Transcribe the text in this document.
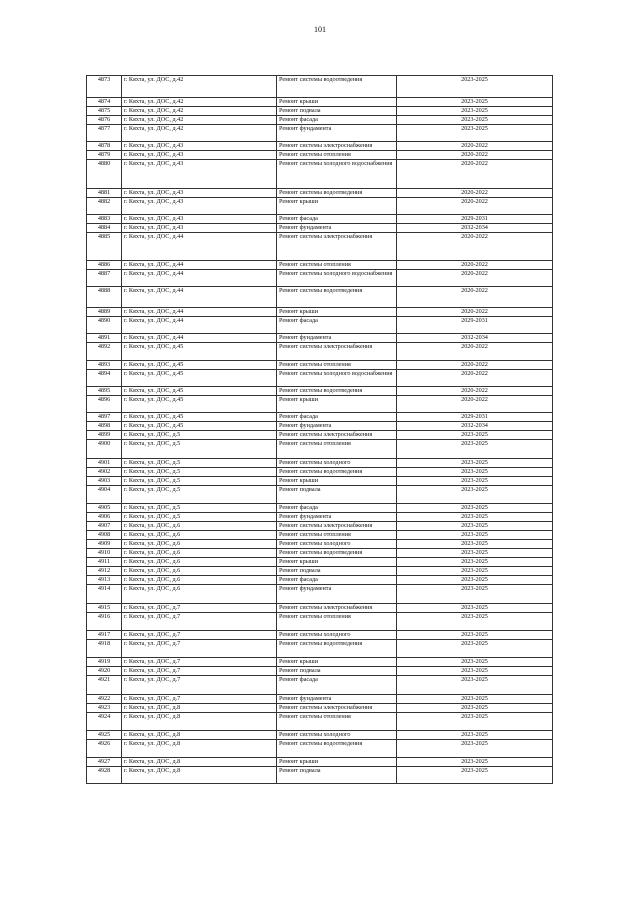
101
4873	г. Кяхта, ул. ДОС, д.42	Ремонт системы водоотведения	2023-2025
4874	г. Кяхта, ул. ДОС, д.42	Ремонт крыши	2023-2025
4875	г. Кяхта, ул. ДОС, д.42	Ремонт подвала	2023-2025
4876	г. Кяхта, ул. ДОС, д.42	Ремонт фасада	2023-2025
4877	г. Кяхта, ул. ДОС, д.42	Ремонт фундамента	2023-2025
4878	г. Кяхта, ул. ДОС, д.43	Ремонт системы электроснабжения	2020-2022
4879	г. Кяхта, ул. ДОС, д.43	Ремонт системы отопления	2020-2022
4880	г. Кяхта, ул. ДОС, д.43	Ремонт системы холодного водоснабжения	2020-2022
4881	г. Кяхта, ул. ДОС, д.43	Ремонт системы водоотведения	2020-2022
4882	г. Кяхта, ул. ДОС, д.43	Ремонт крыши	2020-2022
4883	г. Кяхта, ул. ДОС, д.43	Ремонт фасада	2029-2031
4884	г. Кяхта, ул. ДОС, д.43	Ремонт фундамента	2032-2034
4885	г. Кяхта, ул. ДОС, д.44	Ремонт системы электроснабжения	2020-2022
4886	г. Кяхта, ул. ДОС, д.44	Ремонт системы отопления	2020-2022
4887	г. Кяхта, ул. ДОС, д.44	Ремонт системы холодного водоснабжения	2020-2022
4888	г. Кяхта, ул. ДОС, д.44	Ремонт системы водоотведения	2020-2022
4889	г. Кяхта, ул. ДОС, д.44	Ремонт крыши	2020-2022
4890	г. Кяхта, ул. ДОС, д.44	Ремонт фасада	2029-2031
4891	г. Кяхта, ул. ДОС, д.44	Ремонт фундамента	2032-2034
4892	г. Кяхта, ул. ДОС, д.45	Ремонт системы электроснабжения	2020-2022
4893	г. Кяхта, ул. ДОС, д.45	Ремонт системы отопления	2020-2022
4894	г. Кяхта, ул. ДОС, д.45	Ремонт системы холодного водоснабжения	2020-2022
4895	г. Кяхта, ул. ДОС, д.45	Ремонт системы водоотведения	2020-2022
4896	г. Кяхта, ул. ДОС, д.45	Ремонт крыши	2020-2022
4897	г. Кяхта, ул. ДОС, д.45	Ремонт фасада	2029-2031
4898	г. Кяхта, ул. ДОС, д.45	Ремонт фундамента	2032-2034
4899	г. Кяхта, ул. ДОС, д.5	Ремонт системы электроснабжения	2023-2025
4900	г. Кяхта, ул. ДОС, д.5	Ремонт системы отопления	2023-2025
4901	г. Кяхта, ул. ДОС, д.5	Ремонт системы холодного	2023-2025
4902	г. Кяхта, ул. ДОС, д.5	Ремонт системы водоотведения	2023-2025
4903	г. Кяхта, ул. ДОС, д.5	Ремонт крыши	2023-2025
4904	г. Кяхта, ул. ДОС, д.5	Ремонт подвала	2023-2025
4905	г. Кяхта, ул. ДОС, д.5	Ремонт фасада	2023-2025
4906	г. Кяхта, ул. ДОС, д.5	Ремонт фундамента	2023-2025
4907	г. Кяхта, ул. ДОС, д.6	Ремонт системы электроснабжения	2023-2025
4908	г. Кяхта, ул. ДОС, д.6	Ремонт системы отопления	2023-2025
4909	г. Кяхта, ул. ДОС, д.6	Ремонт системы холодного	2023-2025
4910	г. Кяхта, ул. ДОС, д.6	Ремонт системы водоотведения	2023-2025
4911	г. Кяхта, ул. ДОС, д.6	Ремонт крыши	2023-2025
4912	г. Кяхта, ул. ДОС, д.6	Ремонт подвала	2023-2025
4913	г. Кяхта, ул. ДОС, д.6	Ремонт фасада	2023-2025
4914	г. Кяхта, ул. ДОС, д.6	Ремонт фундамента	2023-2025
4915	г. Кяхта, ул. ДОС, д.7	Ремонт системы электроснабжения	2023-2025
4916	г. Кяхта, ул. ДОС, д.7	Ремонт системы отопления	2023-2025
4917	г. Кяхта, ул. ДОС, д.7	Ремонт системы холодного	2023-2025
4918	г. Кяхта, ул. ДОС, д.7	Ремонт системы водоотведения	2023-2025
4919	г. Кяхта, ул. ДОС, д.7	Ремонт крыши	2023-2025
4920	г. Кяхта, ул. ДОС, д.7	Ремонт подвала	2023-2025
4921	г. Кяхта, ул. ДОС, д.7	Ремонт фасада	2023-2025
4922	г. Кяхта, ул. ДОС, д.7	Ремонт фундамента	2023-2025
4923	г. Кяхта, ул. ДОС, д.8	Ремонт системы электроснабжения	2023-2025
4924	г. Кяхта, ул. ДОС, д.8	Ремонт системы отопления	2023-2025
4925	г. Кяхта, ул. ДОС, д.8	Ремонт системы холодного	2023-2025
4926	г. Кяхта, ул. ДОС, д.8	Ремонт системы водоотведения	2023-2025
4927	г. Кяхта, ул. ДОС, д.8	Ремонт крыши	2023-2025
4928	г. Кяхта, ул. ДОС, д.8	Ремонт подвала	2023-2025
